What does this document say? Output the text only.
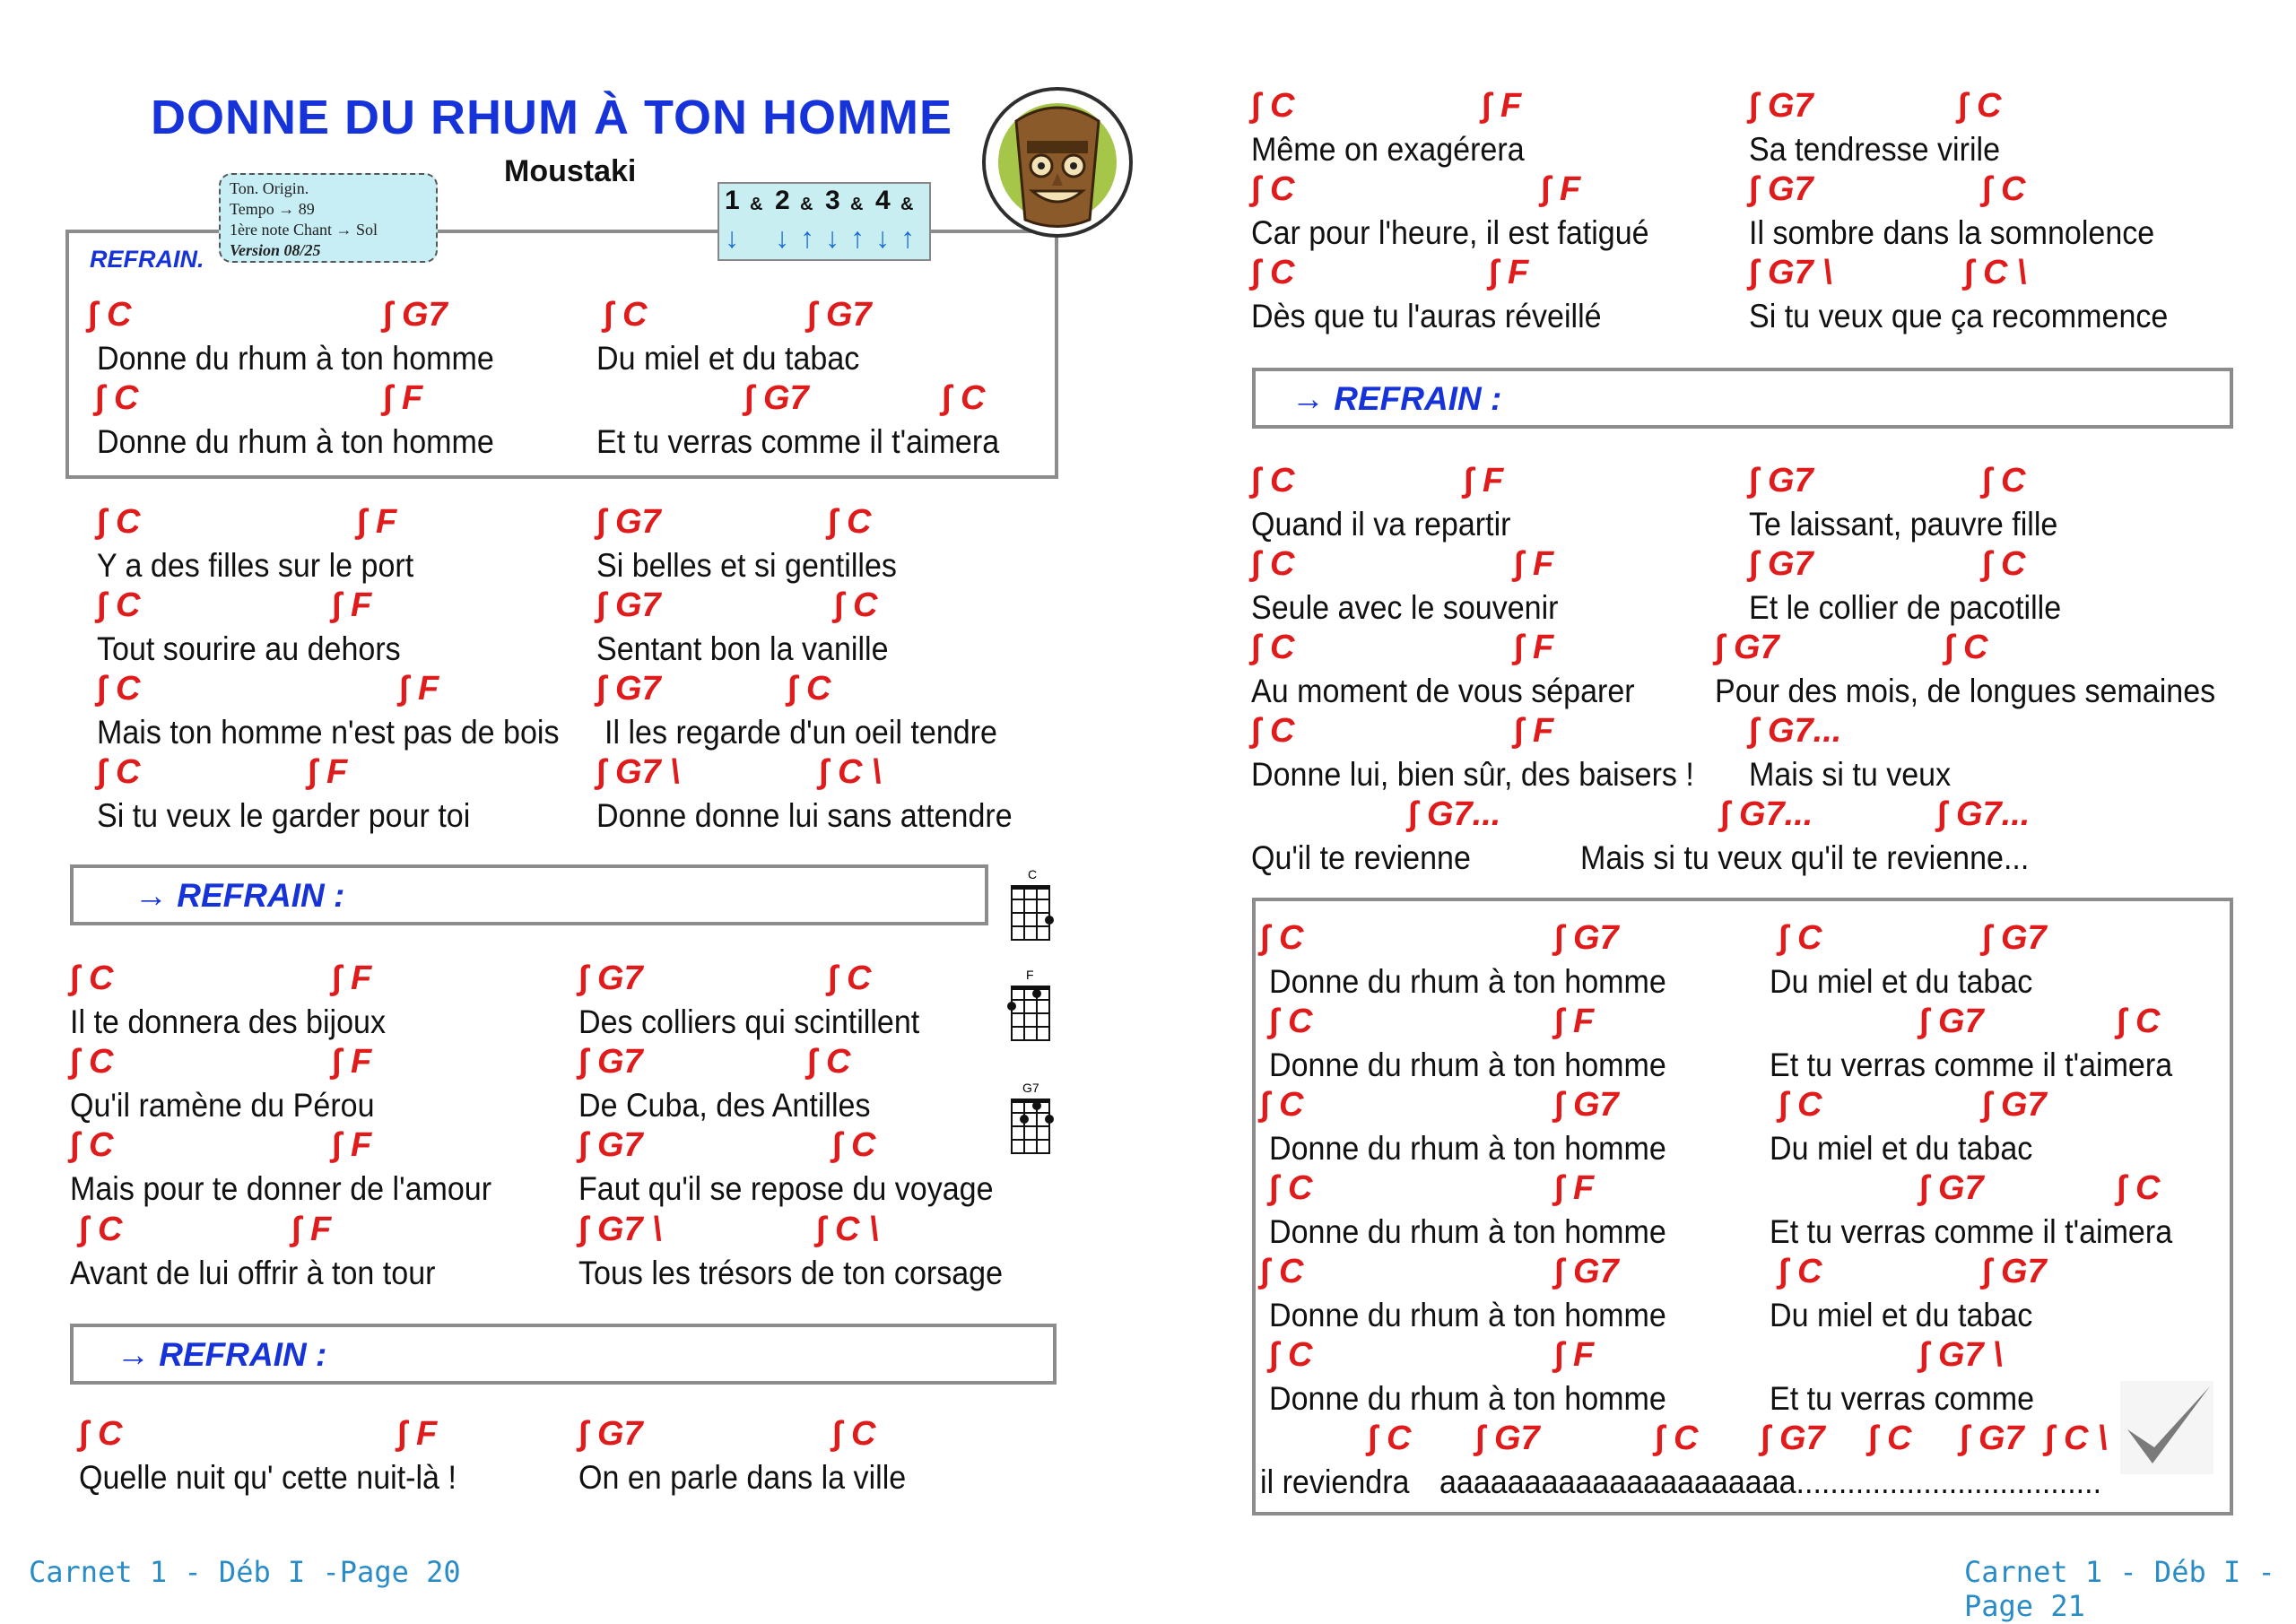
DONNE DU RHUM À TON HOMME
Moustaki
Ton. Origin.
Tempo → 89
1ère note Chant → Sol
Version 08/25
1 & 2 & 3 & 4 &
↓ ↓ ↑ ↓ ↑ ↓ ↑
REFRAIN.
→ REFRAIN :
→ REFRAIN :
→ REFRAIN :
C
F
G7
∫ C	∫ G7	∫ C	∫ G7
Donne du rhum à ton homme	Du miel et du tabac
∫ C	∫ F	∫ G7	∫ C
Donne du rhum à ton homme	Et tu verras comme il t'aimera
∫ C	∫ F	∫ G7	∫ C
Y a des filles sur le port	Si belles et si gentilles
∫ C	∫ F	∫ G7	∫ C
Tout sourire au dehors	Sentant bon la vanille
∫ C	∫ F	∫ G7	∫ C
Mais ton homme n'est pas de bois Il les regarde d'un oeil tendre
∫ C	∫ F	∫ G7 \	∫ C \
Si tu veux le garder pour toi	Donne donne lui sans attendre
∫ C	∫ F	∫ G7	∫ C
Il te donnera des bijoux	Des colliers qui scintillent
∫ C	∫ F	∫ G7	∫ C
Qu'il ramène du Pérou	De Cuba, des Antilles
∫ C	∫ F	∫ G7	∫ C
Mais pour te donner de l'amour	Faut qu'il se repose du voyage
∫ C	∫ F	∫ G7 \	∫ C \
Avant de lui offrir à ton tour	Tous les trésors de ton corsage
∫ C	∫ F	∫ G7	∫ C
Quelle nuit qu' cette nuit-là !	On en parle dans la ville
∫ C	∫ F	∫ G7	∫ C
Même on exagérera	Sa tendresse virile
∫ C	∫ F	∫ G7	∫ C
Car pour l'heure, il est fatigué	Il sombre dans la somnolence
∫ C	∫ F	∫ G7 \	∫ C \
Dès que tu l'auras réveillé	Si tu veux que ça recommence
∫ C	∫ F	∫ G7	∫ C
Quand il va repartir	Te laissant, pauvre fille
∫ C	∫ F	∫ G7	∫ C
Seule avec le souvenir	Et le collier de pacotille
∫ C	∫ F	∫ G7	∫ C
Au moment de vous séparer Pour des mois, de longues semaines
∫ C	∫ F	∫ G7...
Donne lui, bien sûr, des baisers ! Mais si tu veux
∫ G7...	∫ G7...	∫ G7...
Qu'il te revienne	Mais si tu veux qu'il te revienne...
∫ C	∫ G7	∫ C	∫ G7
Donne du rhum à ton homme	Du miel et du tabac
∫ C	∫ F	∫ G7	∫ C
Donne du rhum à ton homme	Et tu verras comme il t'aimera
∫ C	∫ G7	∫ C	∫ G7
Donne du rhum à ton homme	Du miel et du tabac
∫ C	∫ F	∫ G7	∫ C
Donne du rhum à ton homme	Et tu verras comme il t'aimera
∫ C	∫ G7	∫ C	∫ G7
Donne du rhum à ton homme	Du miel et du tabac
∫ C	∫ F	∫ G7 \
Donne du rhum à ton homme	Et tu verras comme
∫ C ∫ G7	∫ C ∫ G7 ∫ C ∫ G7 ∫ C \
il reviendra aaaaaaaaaaaaaaaaaaaaa....................................
Carnet 1 - Déb I -Page 20	Carnet 1 - Déb I -Page 21
